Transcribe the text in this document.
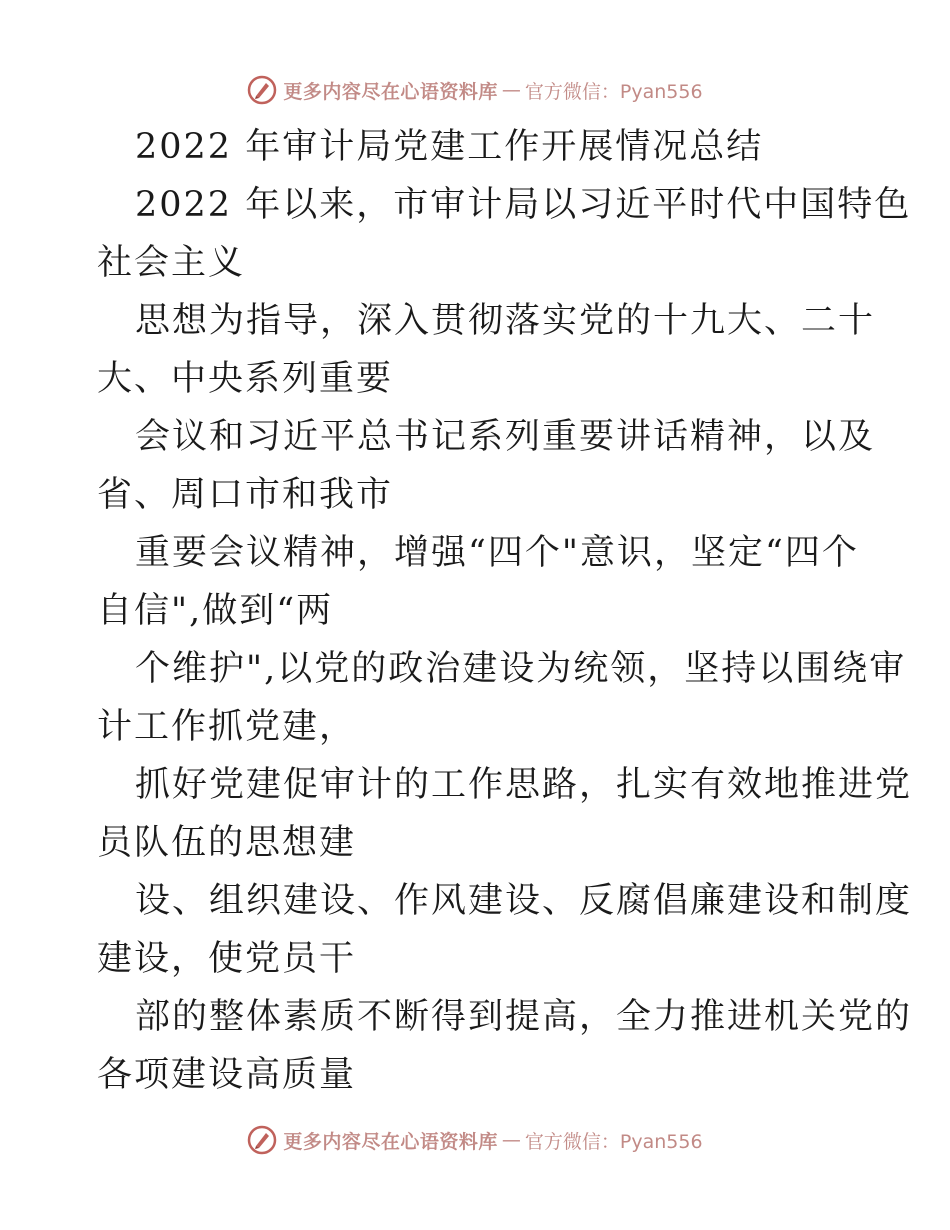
更多内容尽在心语资料库 — 官方微信：Pyan556
2022 年审计局党建工作开展情况总结
2022 年以来，市审计局以习近平时代中国特色
社会主义
思想为指导，深入贯彻落实党的十九大、二十
大、中央系列重要
会议和习近平总书记系列重要讲话精神，以及
省、周口市和我市
重要会议精神，增强“四个"意识，坚定“四个
自信",做到“两
个维护",以党的政治建设为统领，坚持以围绕审
计工作抓党建，
抓好党建促审计的工作思路，扎实有效地推进党
员队伍的思想建
设、组织建设、作风建设、反腐倡廉建设和制度
建设，使党员干
部的整体素质不断得到提高，全力推进机关党的
各项建设高质量
更多内容尽在心语资料库 — 官方微信：Pyan556
